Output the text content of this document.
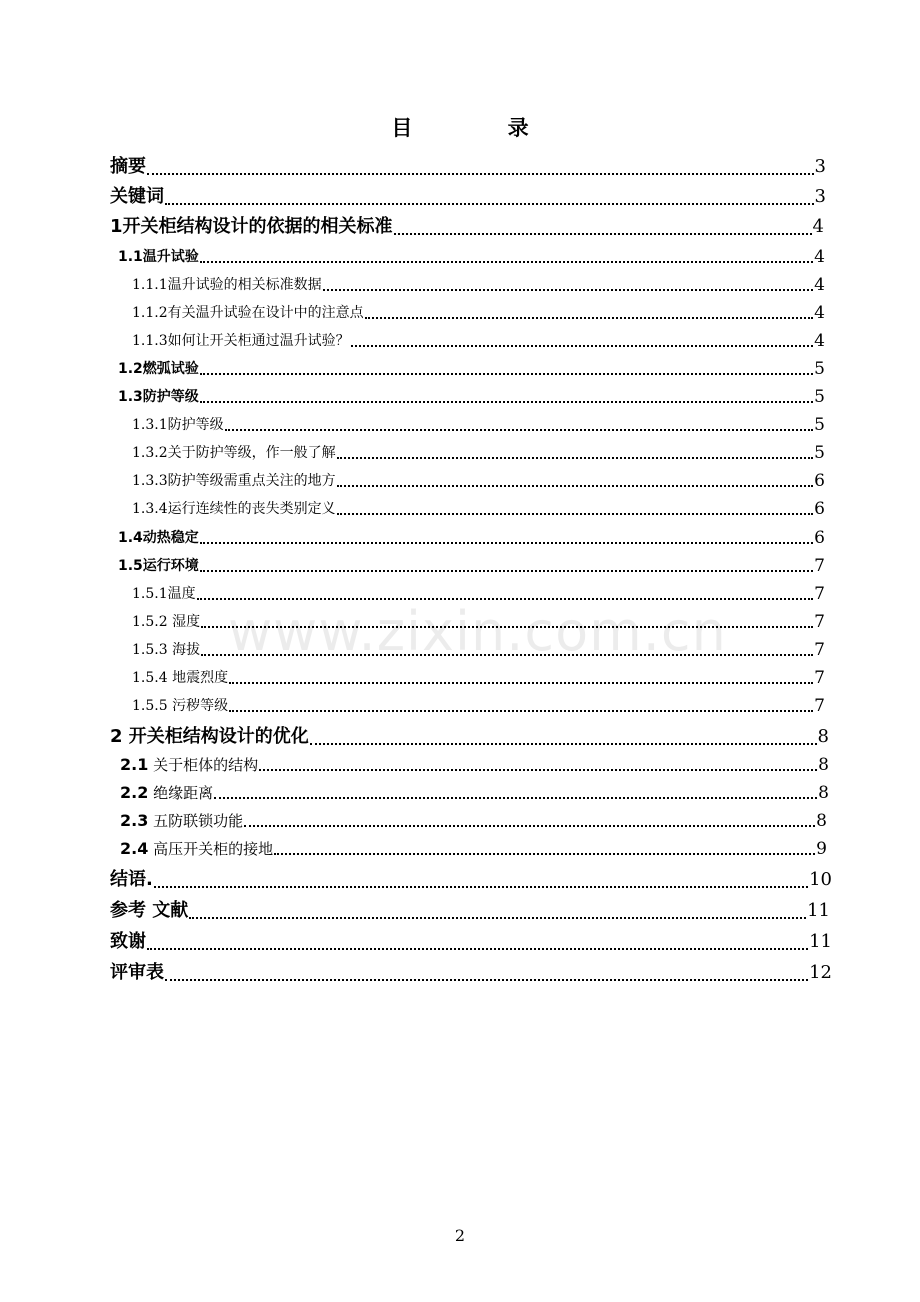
目 录
摘要	3
关键词	3
1开关柜结构设计的依据的相关标准	4
1.1温升试验	4
1.1.1温升试验的相关标准数据	4
1.1.2有关温升试验在设计中的注意点	4
1.1.3如何让开关柜通过温升试验？	4
1.2燃弧试验	5
1.3防护等级	5
1.3.1防护等级	5
1.3.2关于防护等级，作一般了解	5
1.3.3防护等级需重点关注的地方	6
1.3.4运行连续性的丧失类别定义	6
1.4动热稳定	6
1.5运行环境	7
1.5.1温度	7
1.5.2 湿度	7
1.5.3 海拔	7
1.5.4 地震烈度	7
1.5.5 污秽等级	7
2 开关柜结构设计的优化	8
2.1 关于柜体的结构	8
2.2 绝缘距离	8
2.3 五防联锁功能	8
2.4 高压开关柜的接地	9
结语.	10
参考 文献	11
致谢	11
评审表	12
www.zixin.com.cn
2
